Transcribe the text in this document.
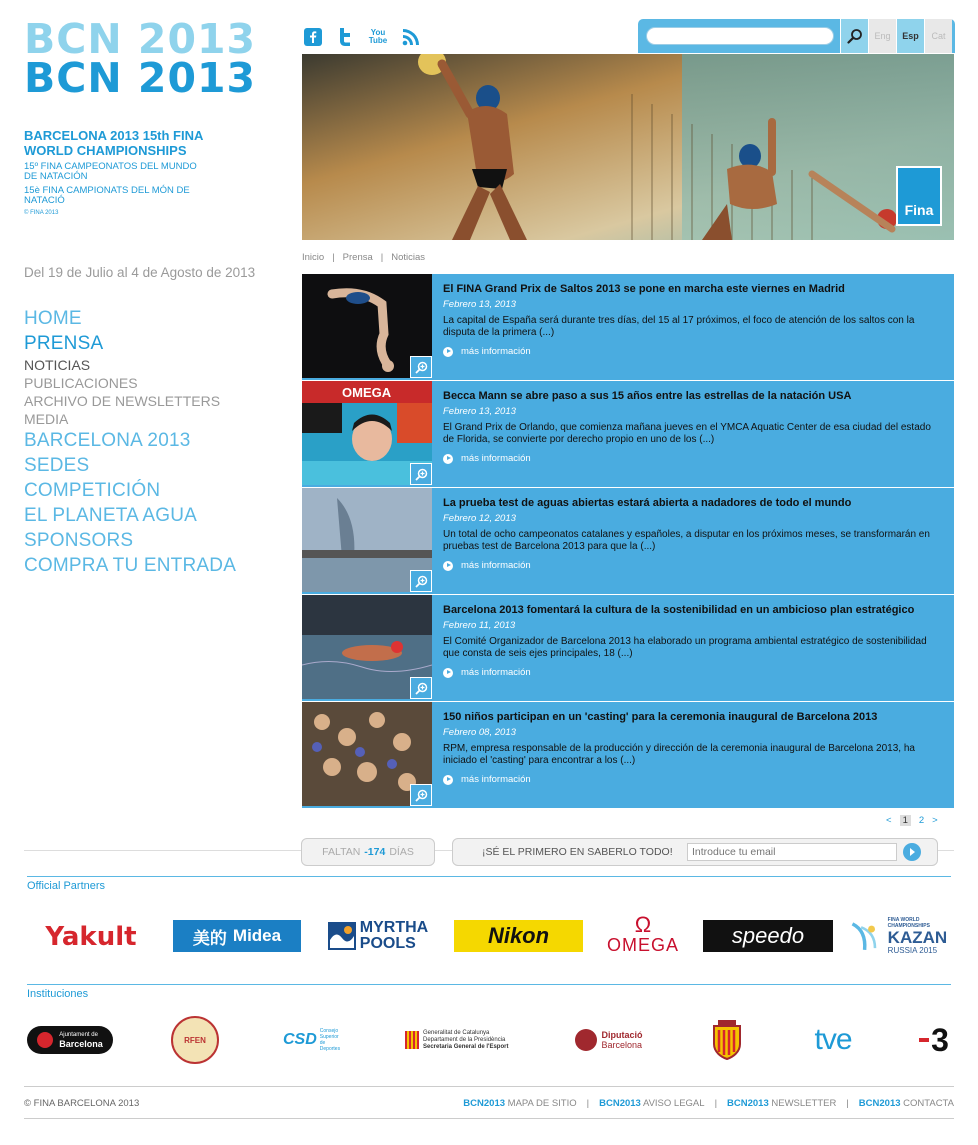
BCN 2013
BCN 2013
BARCELONA 2013 15th FINA WORLD CHAMPIONSHIPS
15º FINA CAMPEONATOS DEL MUNDO DE NATACIÓN
15è FINA CAMPIONATS DEL MÓN DE NATACIÓ
© FINA 2013
Del 19 de Julio al 4 de Agosto de 2013
HOME
PRENSA
NOTICIAS
PUBLICACIONES
ARCHIVO DE NEWSLETTERS
MEDIA
BARCELONA 2013
SEDES
COMPETICIÓN
EL PLANETA AGUA
SPONSORS
COMPRA TU ENTRADA
You Tube	Eng	Esp	Cat
Fina
Inicio | Prensa | Noticias
El FINA Grand Prix de Saltos 2013 se pone en marcha este viernes en Madrid
Febrero 13, 2013
La capital de España será durante tres días, del 15 al 17 próximos, el foco de atención de los saltos con la disputa de la primera (...)
más información
OMEGA	Becca Mann se abre paso a sus 15 años entre las estrellas de la natación USA
Febrero 13, 2013
El Grand Prix de Orlando, que comienza mañana jueves en el YMCA Aquatic Center de esa ciudad del estado de Florida, se convierte por derecho propio en uno de los (...)
más información
La prueba test de aguas abiertas estará abierta a nadadores de todo el mundo
Febrero 12, 2013
Un total de ocho campeonatos catalanes y españoles, a disputar en los próximos meses, se transformarán en pruebas test de Barcelona 2013 para que la (...)
más información
Barcelona 2013 fomentará la cultura de la sostenibilidad en un ambicioso plan estratégico
Febrero 11, 2013
El Comité Organizador de Barcelona 2013 ha elaborado un programa ambiental estratégico de sostenibilidad que consta de seis ejes principales, 18 (...)
más información
150 niños participan en un 'casting' para la ceremonia inaugural de Barcelona 2013
Febrero 08, 2013
RPM, empresa responsable de la producción y dirección de la ceremonia inaugural de Barcelona 2013, ha iniciado el 'casting' para encontrar a los (...)
más información
<	1	2 >
FALTAN -174 DÍAS	¡SÉ EL PRIMERO EN SABERLO TODO!
Introduce tu email
Official Partners
Yakult	美的 Midea	MYRTHA
POOLS	Nikon	Ω
OMEGA	speedo
FINA WORLD CHAMPIONSHIPS
KAZAN
RUSSIA 2015
Instituciones
Ajuntament de
Barcelona	RFEN	CSD Consejo Superior de Deportes
Generalitat de Catalunya
Departament de la Presidència
Secretaria General de l'Esport
Diputació
Barcelona	tve	3
© FINA BARCELONA 2013	BCN2013 MAPA DE SITIO | BCN2013 AVISO LEGAL | BCN2013 NEWSLETTER | BCN2013 CONTACTA
